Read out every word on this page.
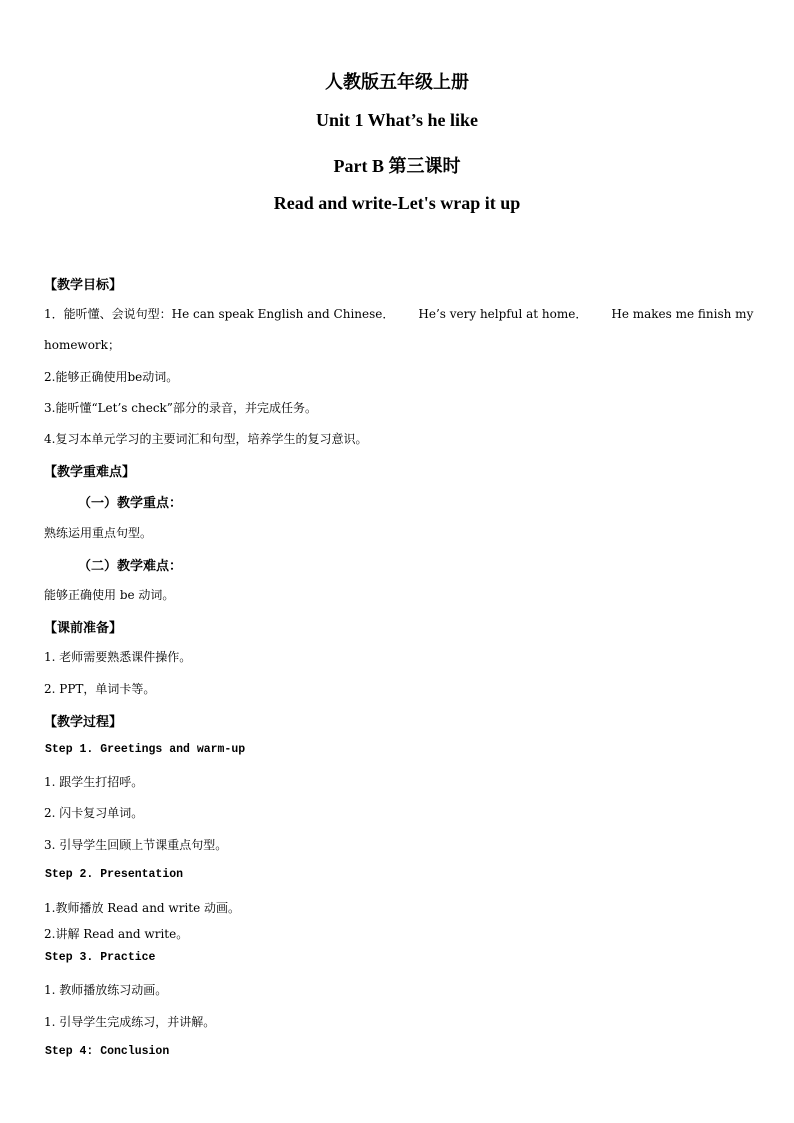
人教版五年级上册
Unit 1 What’s he like
Part B 第三课时
Read and write-Let's wrap it up
【教学目标】
1．能听懂、会说句型：He can speak English and Chinese． He’s very helpful at home． He makes me finish my
homework；
2.能够正确使用be动词。
3.能听懂“Let’s check”部分的录音，并完成任务。
4.复习本单元学习的主要词汇和句型，培养学生的复习意识。
【教学重难点】
（一）教学重点：
熟练运用重点句型。
（二）教学难点：
能够正确使用 be 动词。
【课前准备】
1. 老师需要熟悉课件操作。
2. PPT，单词卡等。
【教学过程】
Step 1. Greetings and warm-up
1. 跟学生打招呼。
2. 闪卡复习单词。
3. 引导学生回顾上节课重点句型。
Step 2. Presentation
1.教师播放 Read and write 动画。
2.讲解 Read and write。
Step 3. Practice
1. 教师播放练习动画。
1. 引导学生完成练习，并讲解。
Step 4: Conclusion
